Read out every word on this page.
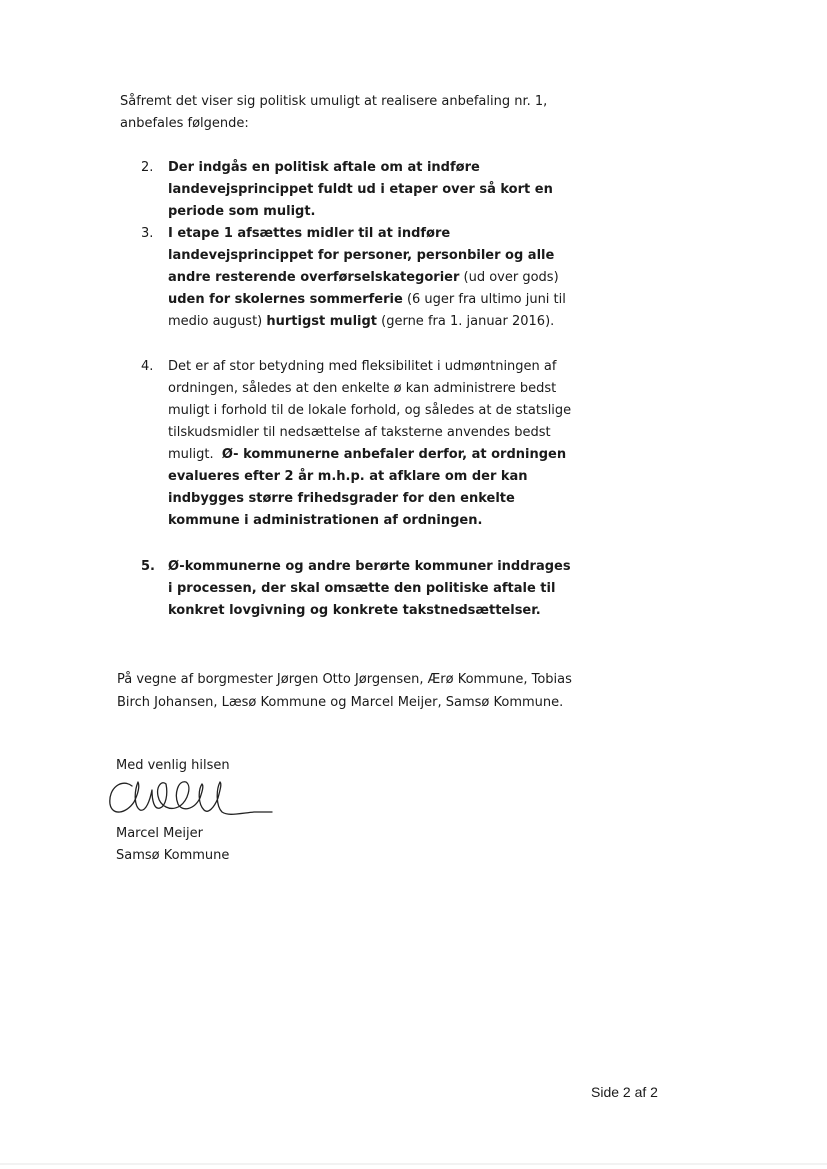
Såfremt det viser sig politisk umuligt at realisere anbefaling nr. 1,
anbefales følgende:
2.	Der indgås en politisk aftale om at indføre landevejsprincippet fuldt ud i etaper over så kort en periode som muligt.
3.	I etape 1 afsættes midler til at indføre landevejsprincippet for personer, personbiler og alle andre resterende overførselskategorier (ud over gods) uden for skolernes sommerferie (6 uger fra ultimo juni til medio august) hurtigst muligt (gerne fra 1. januar 2016).
4.	Det er af stor betydning med fleksibilitet i udmøntningen af ordningen, således at den enkelte ø kan administrere bedst muligt i forhold til de lokale forhold, og således at de statslige tilskudsmidler til nedsættelse af taksterne anvendes bedst muligt.  Ø- kommunerne anbefaler derfor, at ordningen evalueres efter 2 år m.h.p. at afklare om der kan indbygges større frihedsgrader for den enkelte kommune i administrationen af ordningen.
5.	Ø-kommunerne og andre berørte kommuner inddrages i processen, der skal omsætte den politiske aftale til konkret lovgivning og konkrete takstnedsættelser.
På vegne af borgmester Jørgen Otto Jørgensen, Ærø Kommune, Tobias
Birch Johansen, Læsø Kommune og Marcel Meijer, Samsø Kommune.
Med venlig hilsen
Marcel Meijer
Samsø Kommune
Side 2 af 2
